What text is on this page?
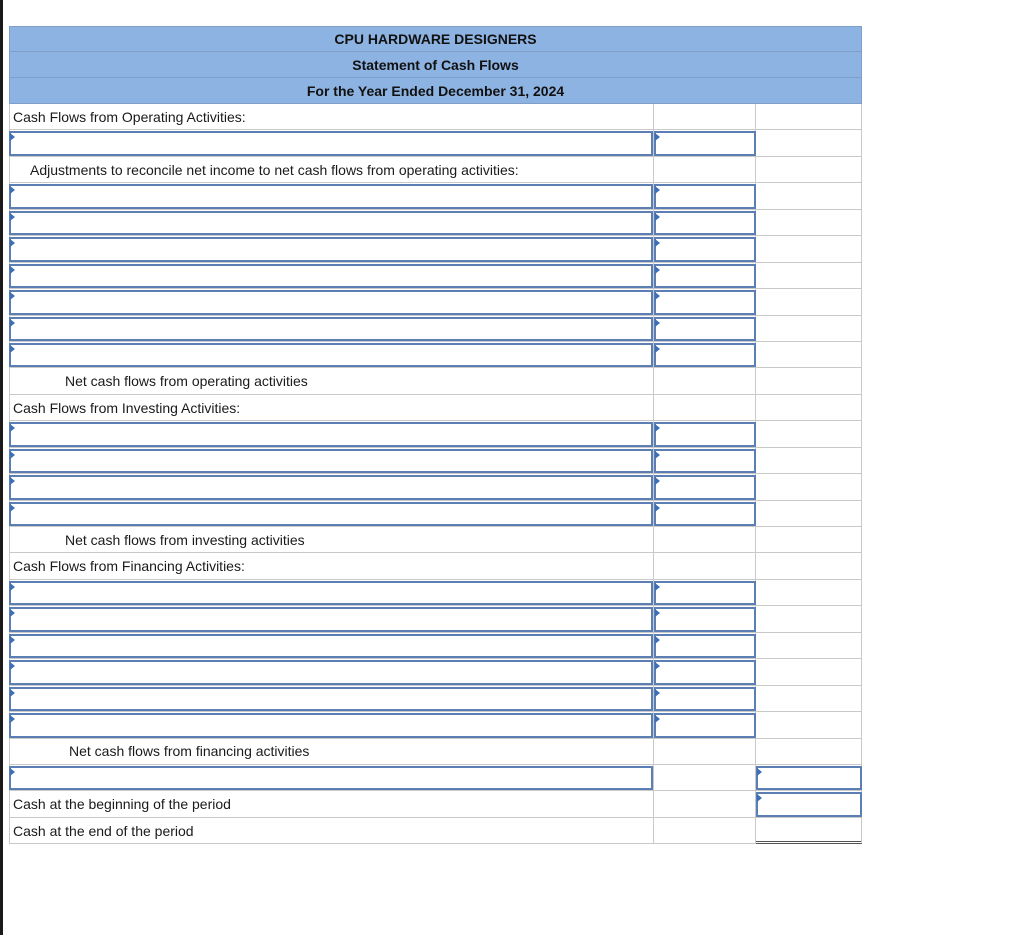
CPU HARDWARE DESIGNERS
Statement of Cash Flows
For the Year Ended December 31, 2024
Cash Flows from Operating Activities:
Adjustments to reconcile net income to net cash flows from operating activities:
Net cash flows from operating activities
Cash Flows from Investing Activities:
Net cash flows from investing activities
Cash Flows from Financing Activities:
Net cash flows from financing activities
Cash at the beginning of the period
Cash at the end of the period
